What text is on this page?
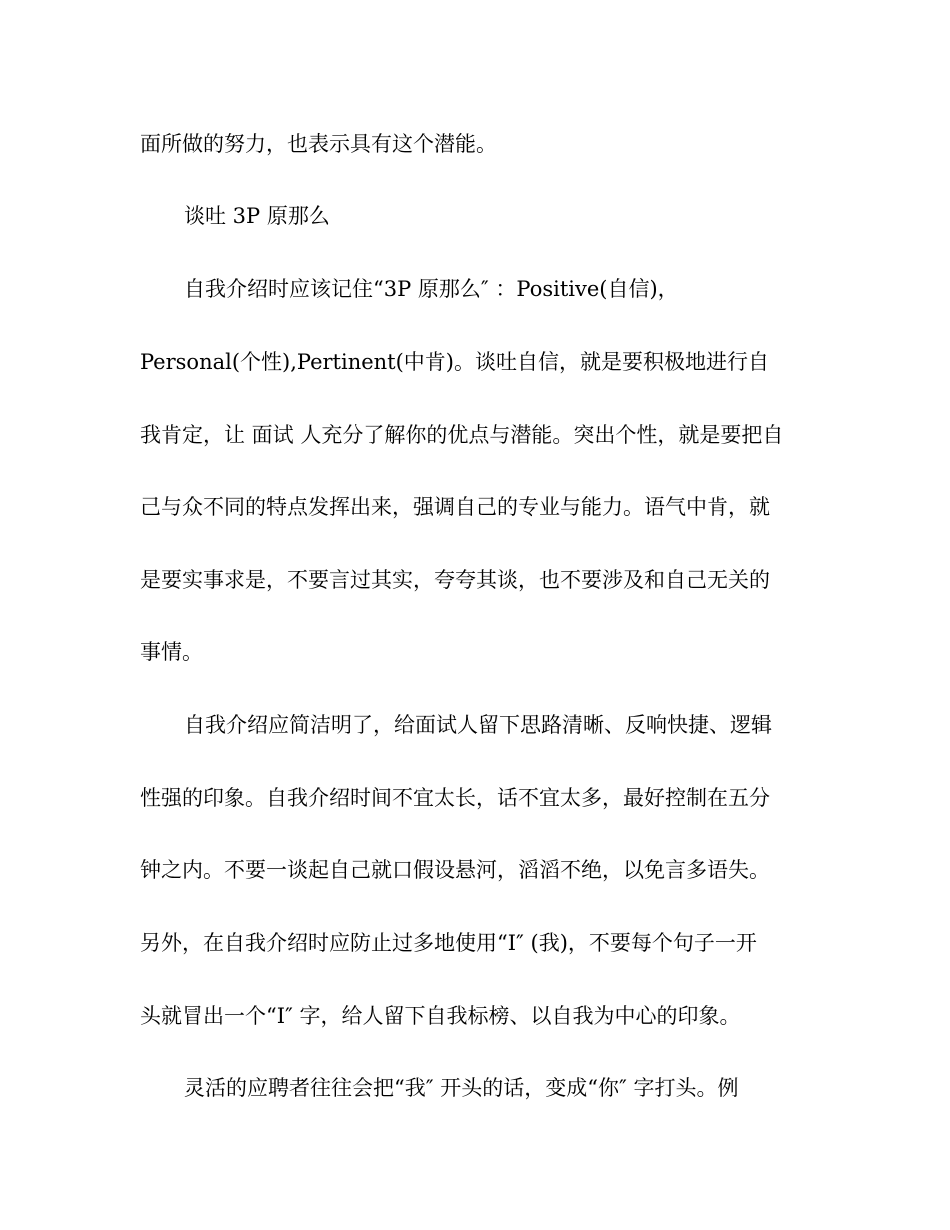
面所做的努力，也表示具有这个潜能。
谈吐 3P 原那么
自我介绍时应该记住“3P 原那么″ ：Positive(自信)，
Personal(个性),Pertinent(中肯)。谈吐自信，就是要积极地进行自
我肯定，让 面试 人充分了解你的优点与潜能。突出个性，就是要把自
己与众不同的特点发挥出来，强调自己的专业与能力。语气中肯，就
是要实事求是，不要言过其实，夸夸其谈，也不要涉及和自己无关的
事情。
自我介绍应简洁明了，给面试人留下思路清晰、反响快捷、逻辑
性强的印象。自我介绍时间不宜太长，话不宜太多，最好控制在五分
钟之内。不要一谈起自己就口假设悬河，滔滔不绝，以免言多语失。
另外，在自我介绍时应防止过多地使用“I″ (我)，不要每个句子一开
头就冒出一个“I″ 字，给人留下自我标榜、以自我为中心的印象。
灵活的应聘者往往会把“我″ 开头的话，变成“你″ 字打头。例
